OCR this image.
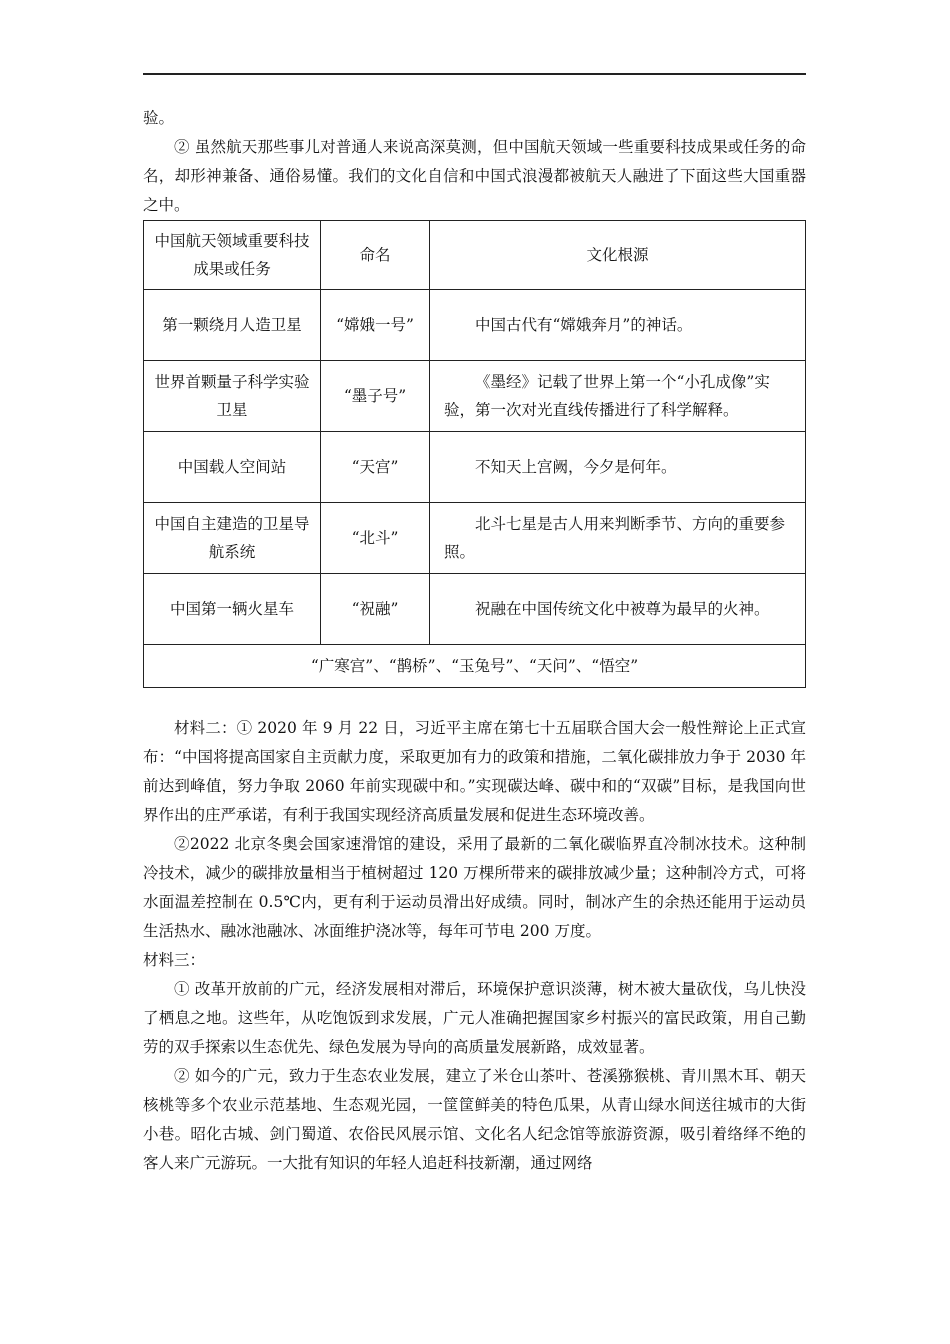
验。

② 虽然航天那些事儿对普通人来说高深莫测，但中国航天领域一些重要科技成果或任务的命名，却形神兼备、通俗易懂。我们的文化自信和中国式浪漫都被航天人融进了下面这些大国重器之中。

中国航天领域重要科技成果或任务	命名	文化根源
第一颗绕月人造卫星	“嫦娥一号”	中国古代有“嫦娥奔月”的神话。
世界首颗量子科学实验卫星	“墨子号”	《墨经》记载了世界上第一个“小孔成像”实验，第一次对光直线传播进行了科学解释。
中国载人空间站	“天宫”	不知天上宫阙，今夕是何年。
中国自主建造的卫星导航系统	“北斗”	北斗七星是古人用来判断季节、方向的重要参照。
中国第一辆火星车	“祝融”	祝融在中国传统文化中被尊为最早的火神。
“广寒宫”、“鹊桥”、“玉兔号”、“天问”、“悟空”		

材料二：① 2020 年 9 月 22 日，习近平主席在第七十五届联合国大会一般性辩论上正式宣布：“中国将提高国家自主贡献力度，采取更加有力的政策和措施，二氧化碳排放力争于 2030 年前达到峰值，努力争取 2060 年前实现碳中和。”实现碳达峰、碳中和的“双碳”目标，是我国向世界作出的庄严承诺，有利于我国实现经济高质量发展和促进生态环境改善。

②2022 北京冬奥会国家速滑馆的建设，采用了最新的二氧化碳临界直冷制冰技术。这种制冷技术，减少的碳排放量相当于植树超过 120 万棵所带来的碳排放减少量；这种制冷方式，可将水面温差控制在 0.5℃内，更有利于运动员滑出好成绩。同时，制冰产生的余热还能用于运动员生活热水、融冰池融冰、冰面维护浇冰等，每年可节电 200 万度。

材料三：

① 改革开放前的广元，经济发展相对滞后，环境保护意识淡薄，树木被大量砍伐，乌儿快没了栖息之地。这些年，从吃饱饭到求发展，广元人准确把握国家乡村振兴的富民政策，用自己勤劳的双手探索以生态优先、绿色发展为导向的高质量发展新路，成效显著。

② 如今的广元，致力于生态农业发展，建立了米仓山茶叶、苍溪猕猴桃、青川黑木耳、朝天核桃等多个农业示范基地、生态观光园，一筐筐鲜美的特色瓜果，从青山绿水间送往城市的大街小巷。昭化古城、剑门蜀道、农俗民风展示馆、文化名人纪念馆等旅游资源，吸引着络绎不绝的客人来广元游玩。一大批有知识的年轻人追赶科技新潮，通过网络
